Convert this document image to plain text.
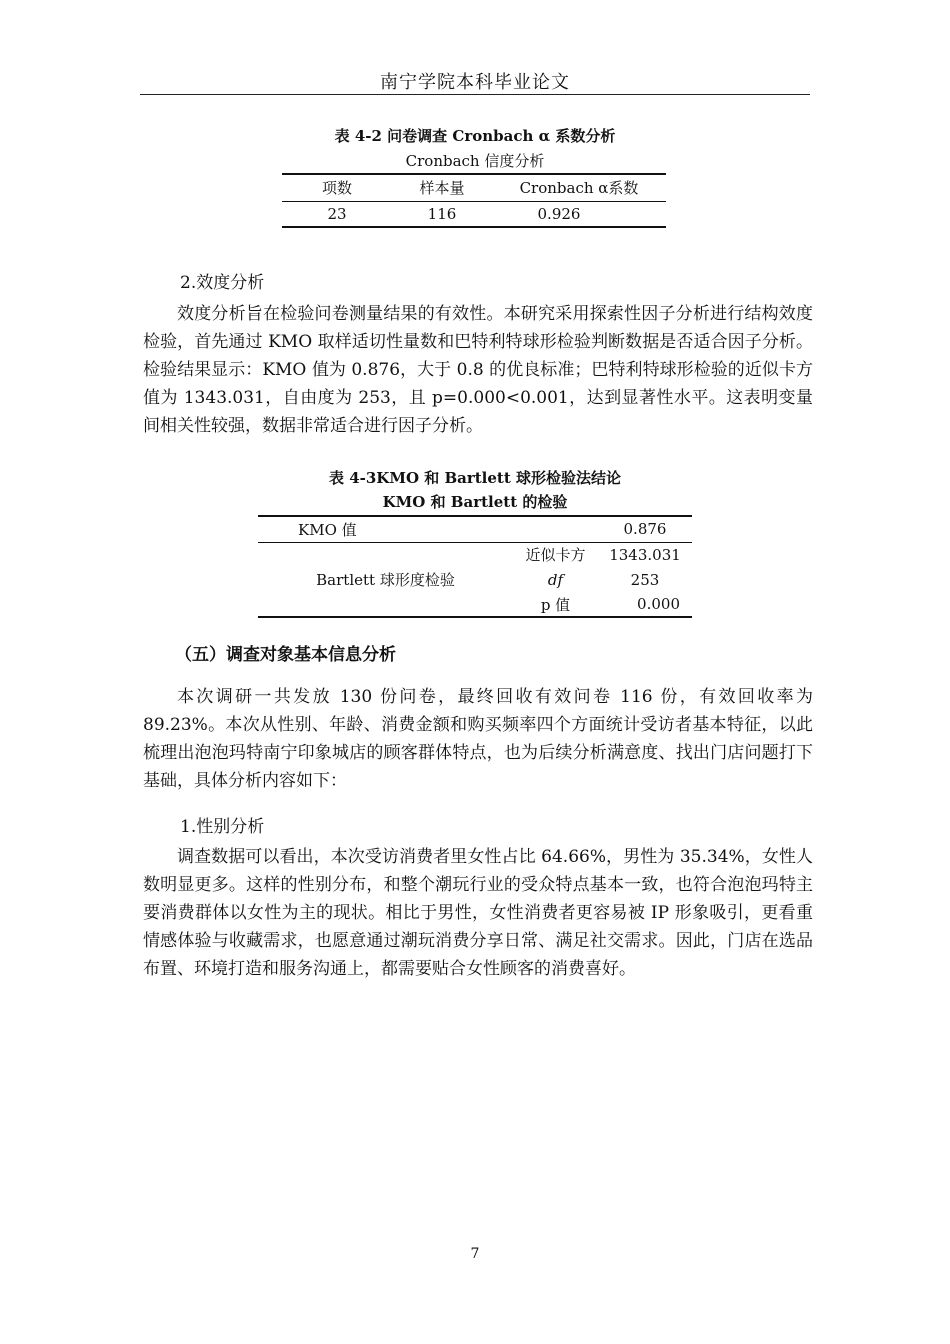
南宁学院本科毕业论文
表 4-2 问卷调查 Cronbach α 系数分析
Cronbach 信度分析
项数	样本量	Cronbach α系数
23	116	0.926
2.效度分析

效度分析旨在检验问卷测量结果的有效性。本研究采用探索性因子分析进行结构效度检验，首先通过 KMO 取样适切性量数和巴特利特球形检验判断数据是否适合因子分析。检验结果显示：KMO 值为 0.876，大于 0.8 的优良标准；巴特利特球形检验的近似卡方值为 1343.031，自由度为 253，且 p=0.000<0.001，达到显著性水平。这表明变量间相关性较强，数据非常适合进行因子分析。

表 4-3KMO 和 Bartlett 球形检验法结论
KMO 和 Bartlett 的检验
KMO 值		0.876
Bartlett 球形度检验	近似卡方	1343.031
	df	253
	p 值	0.000
（五）调查对象基本信息分析

本次调研一共发放 130 份问卷，最终回收有效问卷 116 份，有效回收率为 89.23%。本次从性别、年龄、消费金额和购买频率四个方面统计受访者基本特征，以此梳理出泡泡玛特南宁印象城店的顾客群体特点，也为后续分析满意度、找出门店问题打下基础，具体分析内容如下：

1.性别分析

调查数据可以看出，本次受访消费者里女性占比 64.66%，男性为 35.34%，女性人数明显更多。这样的性别分布，和整个潮玩行业的受众特点基本一致，也符合泡泡玛特主要消费群体以女性为主的现状。相比于男性，女性消费者更容易被 IP 形象吸引，更看重情感体验与收藏需求，也愿意通过潮玩消费分享日常、满足社交需求。因此，门店在选品布置、环境打造和服务沟通上，都需要贴合女性顾客的消费喜好。

7
